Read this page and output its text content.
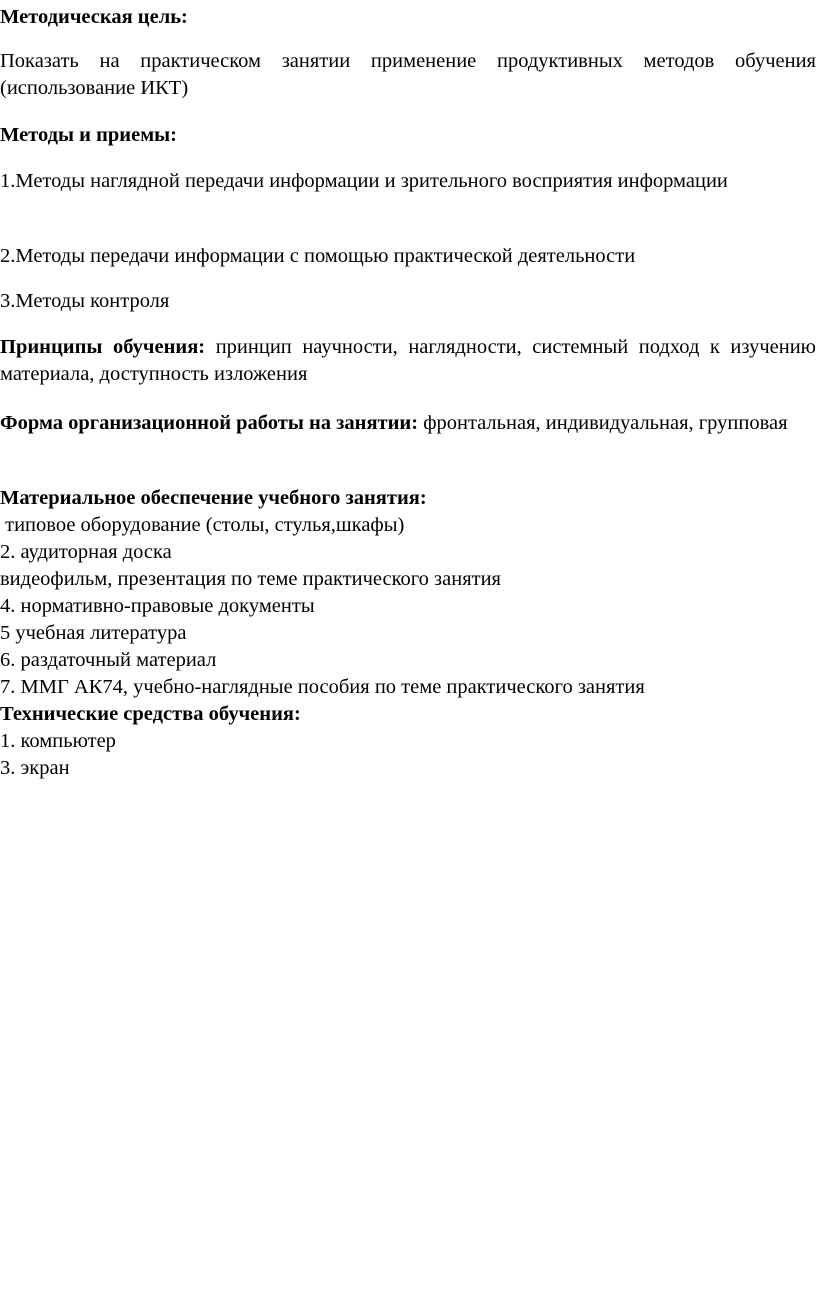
Методическая цель:

Показать на практическом занятии применение продуктивных методов обучения (использование ИКТ)

Методы и приемы:

1.Методы наглядной передачи информации и зрительного восприятия информации

2.Методы передачи информации с помощью практической деятельности

3.Методы контроля

Принципы обучения: принцип научности, наглядности, системный подход к изучению материала, доступность изложения

Форма организационной работы на занятии: фронтальная, индивидуальная, групповая

Материальное обеспечение учебного занятия:
типовое оборудование (столы, стулья,шкафы)
2. аудиторная доска
видеофильм, презентация по теме практического занятия
4. нормативно-правовые документы
5 учебная литература
6. раздаточный материал
7. ММГ АК74, учебно-наглядные пособия по теме практического занятия
Технические средства обучения:
1. компьютер
3. экран
